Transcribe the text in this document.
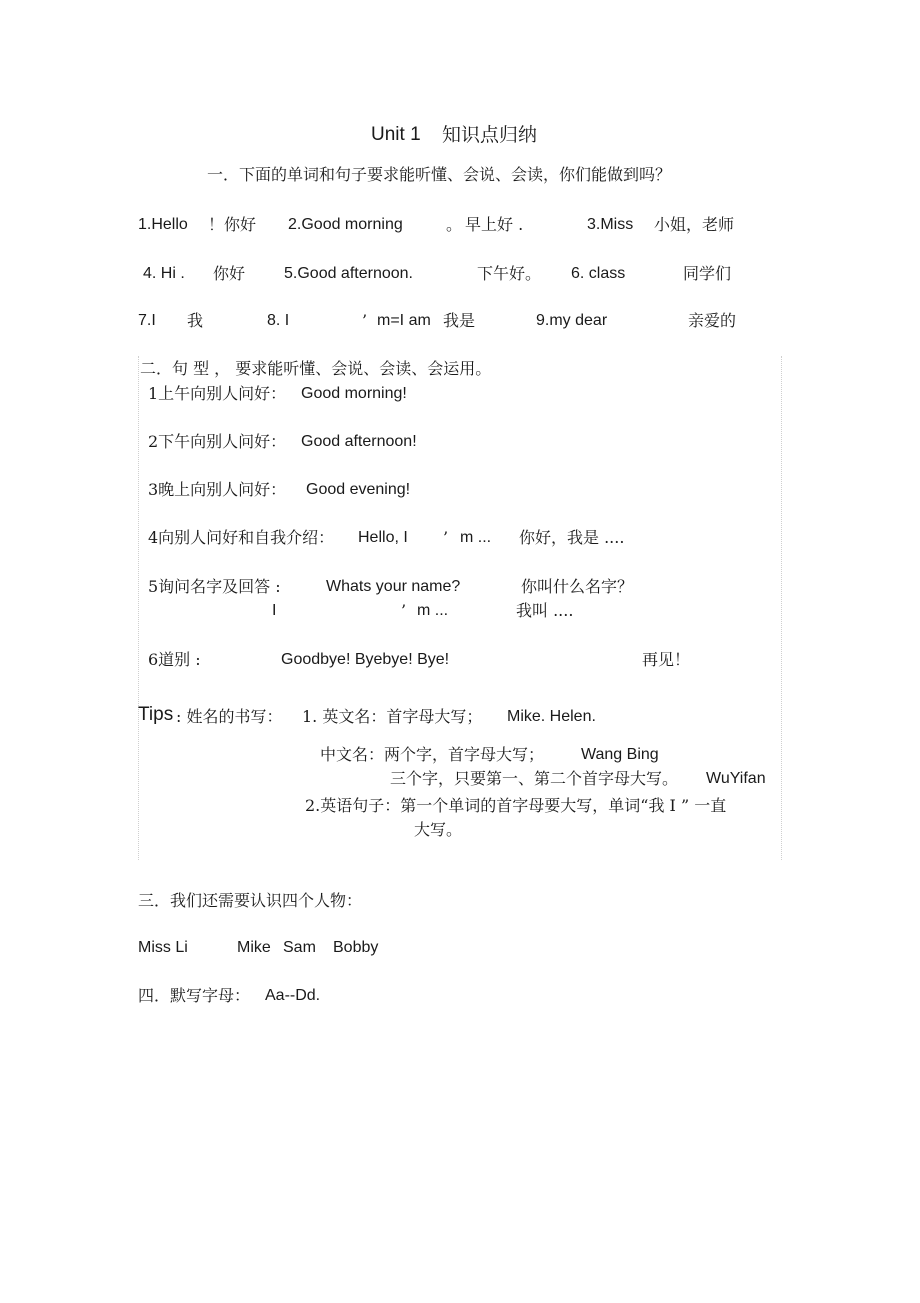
Unit 1 知识点归纳
一．下面的单词和句子要求能听懂、会说、会读，你们能做到吗？
1.Hello ！ 你好 2.Good morning	。 早上好 .	3.Miss 小姐，老师
4. Hi . 你好 5.Good afternoon.	下午好。 6. class	同学们
7.I 我	8. I	’ m=I am 我是	9.my dear	亲爱的
二．句 型 ， 要求能听懂、会说、会读、会运用。
1上午向别人问好： Good morning!
2下午向别人问好： Good afternoon!
3晚上向别人问好： Good evening!
4向别人问好和自我介绍： Hello, I ’ m ... 你好，我是 ....
5询问名字及回答 :	Whats your name?	你叫什么名字？
I	’ m ...	我叫 ....
6道别 :	Goodbye! Byebye! Bye!	再见！
Tips : 姓名的书写： 1. 英文名：首字母大写； Mike. Helen.
中文名：两个字，首字母大写； Wang Bing
三个字，只要第一、第二个首字母大写。 WuYifan
2.英语句子：第一个单词的首字母要大写，单词“我 I ” 一直
大写。
三．我们还需要认识四个人物：
Miss Li	Mike Sam Bobby
四．默写字母： Aa--Dd.
